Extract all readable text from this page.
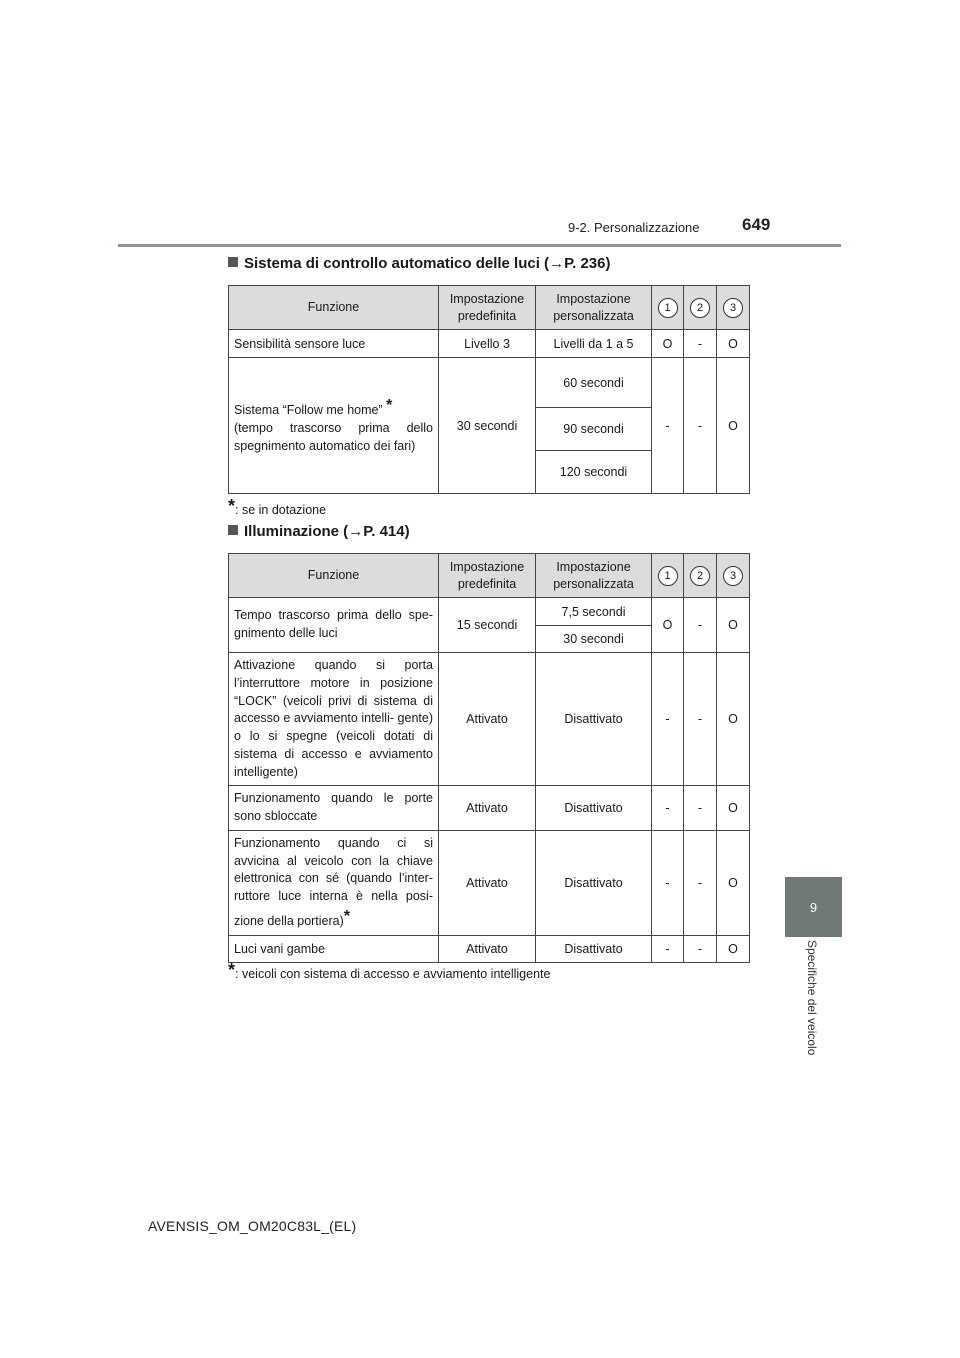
9-2. Personalizzazione 649
9
Specifiche del veicolo
Sistema di controllo automatico delle luci (→P. 236)
Funzione	Impostazione predefinita	Impostazione personalizzata	1	2	3
Sensibilità sensore luce	Livello 3	Livelli da 1 a 5	O	-	O
Sistema “Follow me home” *
(tempo trascorso prima dello spegnimento automatico dei fari)	30 secondi	60 secondi	-	-	O
		90 secondi			
		120 secondi			
*: se in dotazione
Illuminazione (→P. 414)
Funzione	Impostazione predefinita	Impostazione personalizzata	1	2	3
Tempo trascorso prima dello spe- gnimento delle luci	15 secondi	7,5 secondi	O	-	O
		30 secondi			
Attivazione quando si porta l’interruttore motore in posizione “LOCK” (veicoli privi di sistema di accesso e avviamento intelli- gente) o lo si spegne (veicoli dotati di sistema di accesso e avviamento intelligente)	Attivato	Disattivato	-	-	O
Funzionamento quando le porte sono sbloccate	Attivato	Disattivato	-	-	O
Funzionamento quando ci si avvicina al veicolo con la chiave elettronica con sé (quando l’inter- ruttore luce interna è nella posi- zione della portiera)*	Attivato	Disattivato	-	-	O
Luci vani gambe	Attivato	Disattivato	-	-	O
*: veicoli con sistema di accesso e avviamento intelligente
AVENSIS_OM_OM20C83L_(EL)
